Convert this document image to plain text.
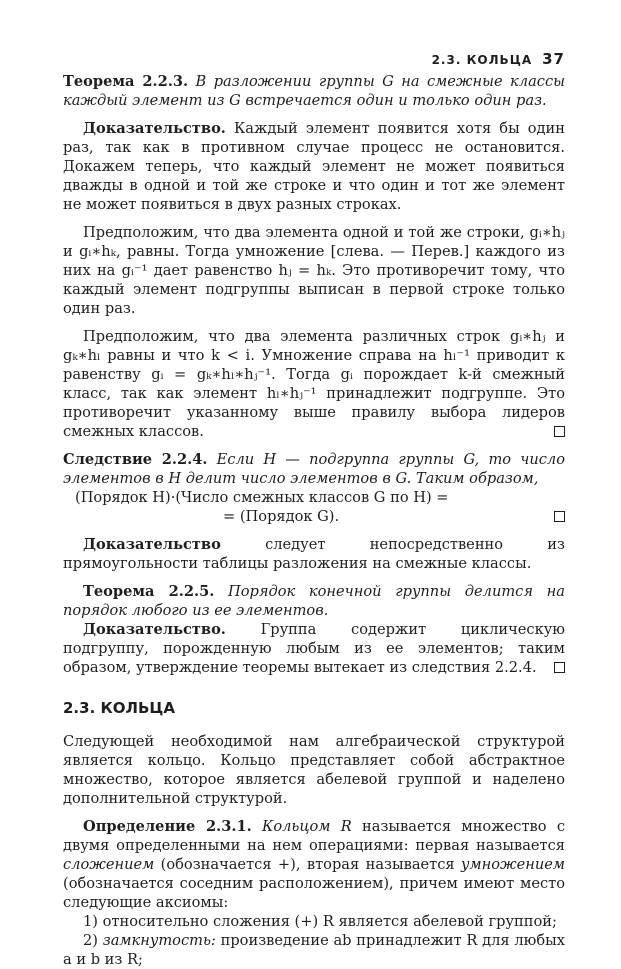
2.3. КОЛЬЦА 37

Теорема 2.2.3. В разложении группы G на смежные классы каждый элемент из G встречается один и только один раз.

Доказательство. Каждый элемент появится хотя бы один раз, так как в противном случае процесс не остановится. Докажем теперь, что каждый элемент не может появиться дважды в одной и той же строке и что один и тот же элемент не может появиться в двух разных строках.

Предположим, что два элемента одной и той же строки, gᵢ∗hⱼ и gᵢ∗hₖ, равны. Тогда умножение [слева. — Перев.] каждого из них на gᵢ⁻¹ дает равенство hⱼ = hₖ. Это противоречит тому, что каждый элемент подгруппы выписан в первой строке только один раз.

Предположим, что два элемента различных строк gᵢ∗hⱼ и gₖ∗hₗ равны и что k < i. Умножение справа на hₗ⁻¹ приводит к равенству gᵢ = gₖ∗hₗ∗hⱼ⁻¹. Тогда gᵢ порождает k-й смежный класс, так как элемент hₗ∗hⱼ⁻¹ принадлежит подгруппе. Это противоречит указанному выше правилу выбора лидеров смежных классов.

Следствие 2.2.4. Если H — подгруппа группы G, то число элементов в H делит число элементов в G. Таким образом,

(Порядок H)·(Число смежных классов G по H) =

= (Порядок G).

Доказательство	следует непосредственно из прямоугольности таблицы разложения на смежные классы.

Теорема 2.2.5. Порядок конечной группы делится на порядок любого из ее элементов.

Доказательство. Группа содержит циклическую подгруппу, порожденную любым из ее элементов; таким образом, утверждение теоремы вытекает из следствия 2.2.4.

2.3. КОЛЬЦА

Следующей необходимой нам алгебраической структурой является кольцо. Кольцо представляет собой абстрактное множество, которое является абелевой группой и наделено дополнительной структурой.

Определение 2.3.1. Кольцом R называется множество с двумя определенными на нем операциями: первая называется сложением (обозначается +), вторая называется умножением (обозначается соседним расположением), причем имеют место следующие аксиомы:

1) относительно сложения (+) R является абелевой группой;

2) замкнутость: произведение ab принадлежит R для любых a и b из R;
